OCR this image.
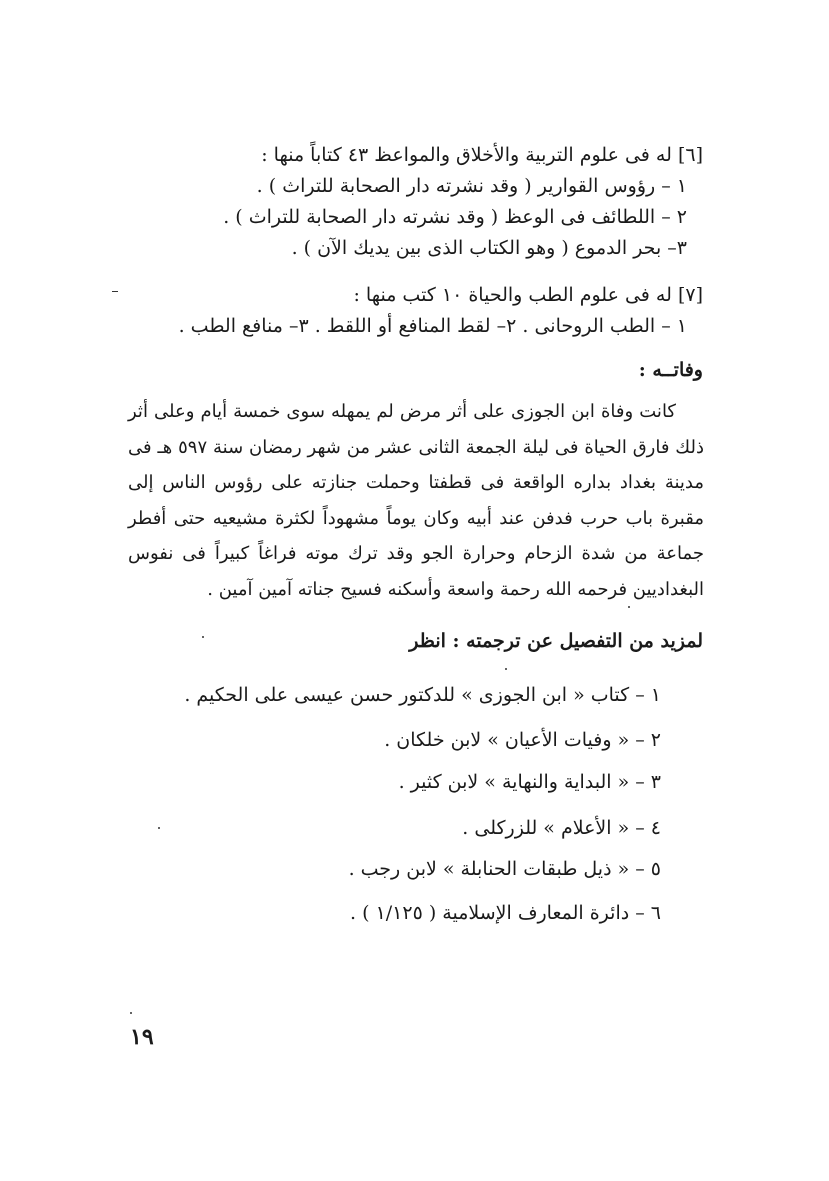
[٦] له فى علوم التربية والأخلاق والمواعظ ٤٣ كتاباً منها :
١ – رؤوس القوارير ( وقد نشرته دار الصحابة للتراث ) .
٢ – اللطائف فى الوعظ ( وقد نشرته دار الصحابة للتراث ) .
٣– بحر الدموع ( وهو الكتاب الذى بين يديك الآن ) .
[٧] له فى علوم الطب والحياة ١٠ كتب منها :
١ – الطب الروحانى . ٢– لقط المنافع أو اللقط . ٣– منافع الطب .
وفاتــه :
كانت وفاة ابن الجوزى على أثر مرض لم يمهله سوى خمسة أيام وعلى أثر ذلك فارق الحياة فى ليلة الجمعة الثانى عشر من شهر رمضان سنة ٥٩٧ هـ فى مدينة بغداد بداره الواقعة فى قطفتا وحملت جنازته على رؤوس الناس إلى مقبرة باب حرب فدفن عند أبيه وكان يوماً مشهوداً لكثرة مشيعيه حتى أفطر جماعة من شدة الزحام وحرارة الجو وقد ترك موته فراغاً كبيراً فى نفوس البغداديين فرحمه الله رحمة واسعة وأسكنه فسيح جناته آمين آمين .
لمزيد من التفصيل عن ترجمته : انظر
١ – كتاب « ابن الجوزى » للدكتور حسن عيسى على الحكيم .
٢ – « وفيات الأعيان » لابن خلكان .
٣ – « البداية والنهاية » لابن كثير .
٤ – « الأعلام » للزركلى .
٥ – « ذيل طبقات الحنابلة » لابن رجب .
٦ – دائرة المعارف الإسلامية ( ١/١٢٥ ) .
١٩
